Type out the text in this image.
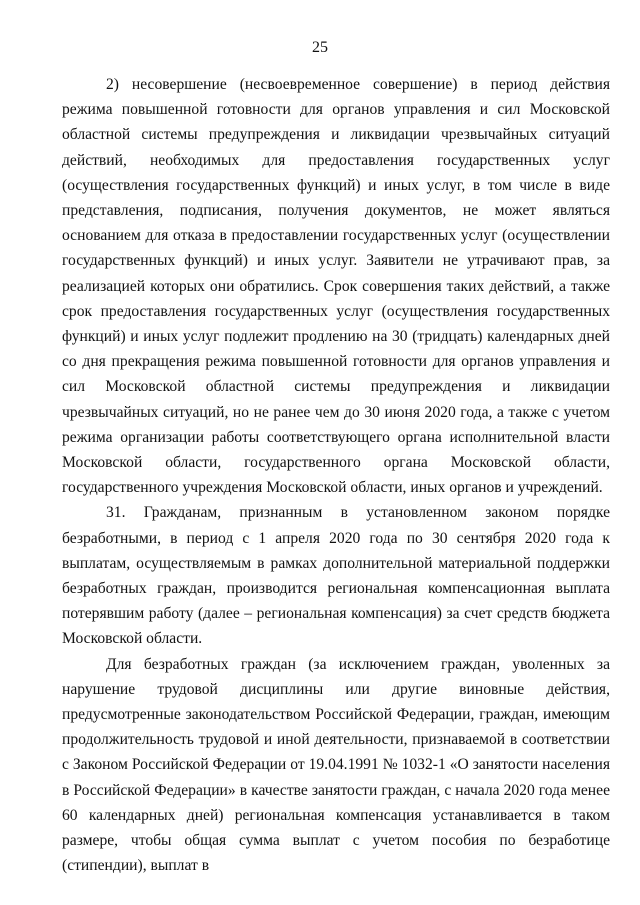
25

2) несовершение (несвоевременное совершение) в период действия режима повышенной готовности для органов управления и сил Московской областной системы предупреждения и ликвидации чрезвычайных ситуаций действий, необходимых для предоставления государственных услуг (осуществления государственных функций) и иных услуг, в том числе в виде представления, подписания, получения документов, не может являться основанием для отказа в предоставлении государственных услуг (осуществлении государственных функций) и иных услуг. Заявители не утрачивают прав, за реализацией которых они обратились. Срок совершения таких действий, а также срок предоставления государственных услуг (осуществления государственных функций) и иных услуг подлежит продлению на 30 (тридцать) календарных дней со дня прекращения режима повышенной готовности для органов управления и сил Московской областной системы предупреждения и ликвидации чрезвычайных ситуаций, но не ранее чем до 30 июня 2020 года, а также с учетом режима организации работы соответствующего органа исполнительной власти Московской области, государственного органа Московской области, государственного учреждения Московской области, иных органов и учреждений.

31. Гражданам, признанным в установленном законом порядке безработными, в период с 1 апреля 2020 года по 30 сентября 2020 года к выплатам, осуществляемым в рамках дополнительной материальной поддержки безработных граждан, производится региональная компенсационная выплата потерявшим работу (далее – региональная компенсация) за счет средств бюджета Московской области.

Для безработных граждан (за исключением граждан, уволенных за нарушение трудовой дисциплины или другие виновные действия, предусмотренные законодательством Российской Федерации, граждан, имеющим продолжительность трудовой и иной деятельности, признаваемой в соответствии с Законом Российской Федерации от 19.04.1991 № 1032-1 «О занятости населения в Российской Федерации» в качестве занятости граждан, с начала 2020 года менее 60 календарных дней) региональная компенсация устанавливается в таком размере, чтобы общая сумма выплат с учетом пособия по безработице (стипендии), выплат в
